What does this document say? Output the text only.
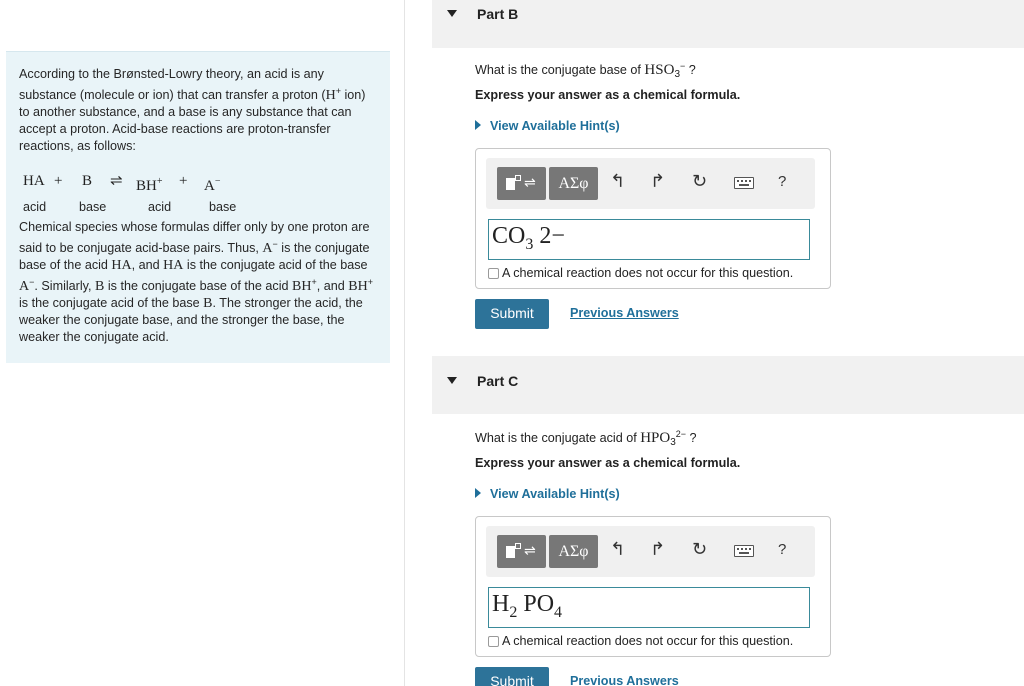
According to the Brønsted-Lowry theory, an acid is any substance (molecule or ion) that can transfer a proton (H+ ion) to another substance, and a base is any substance that can accept a proton. Acid-base reactions are proton-transfer reactions, as follows:

HA + B ⇌ BH+ + A−
acid	base	acid	base

Chemical species whose formulas differ only by one proton are said to be conjugate acid-base pairs. Thus, A− is the conjugate base of the acid HA, and HA is the conjugate acid of the base A−. Similarly, B is the conjugate base of the acid BH+, and BH+ is the conjugate acid of the base B. The stronger the acid, the weaker the conjugate base, and the stronger the base, the weaker the conjugate acid.

Part B
What is the conjugate base of $HSO_3^-$ ?
Express your answer as a chemical formula.
View Available Hint(s)
⇌	ΑΣφ	↰ ↱ ↻	?
$CO_3$ 2−
A chemical reaction does not occur for this question.
Submit	Previous Answers
Part C
What is the conjugate acid of $HPO_3^{2-}$ ?
Express your answer as a chemical formula.
View Available Hint(s)
⇌	ΑΣφ	↰ ↱ ↻	?
$H_2$ $PO_4$
A chemical reaction does not occur for this question.
Submit	Previous Answers
